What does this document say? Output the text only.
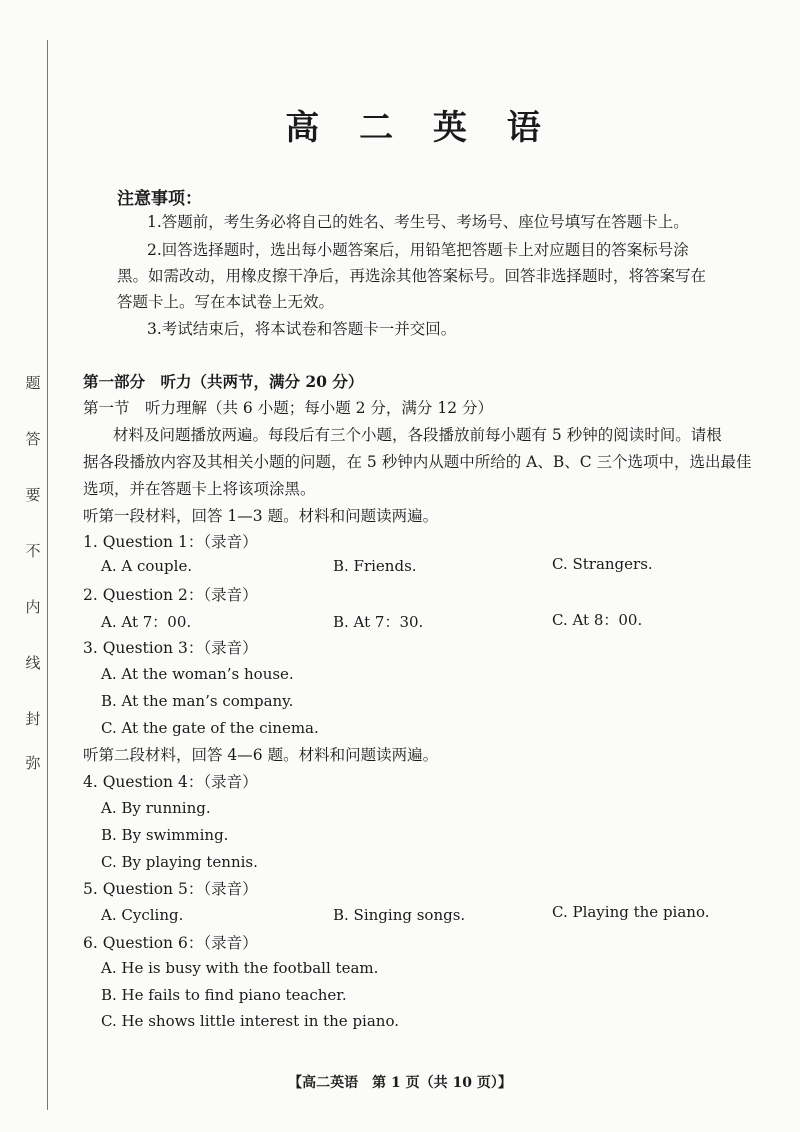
题
答
要
不
内
线
封
弥
高 二 英 语
注意事项：
1.答题前，考生务必将自己的姓名、考生号、考场号、座位号填写在答题卡上。
2.回答选择题时，选出每小题答案后，用铅笔把答题卡上对应题目的答案标号涂
黑。如需改动，用橡皮擦干净后，再选涂其他答案标号。回答非选择题时，将答案写在
答题卡上。写在本试卷上无效。
3.考试结束后，将本试卷和答题卡一并交回。
第一部分　听力（共两节，满分 20 分）
第一节　听力理解（共 6 小题；每小题 2 分，满分 12 分）
材料及问题播放两遍。每段后有三个小题，各段播放前每小题有 5 秒钟的阅读时间。请根
据各段播放内容及其相关小题的问题，在 5 秒钟内从题中所给的 A、B、C 三个选项中，选出最佳
选项，并在答题卡上将该项涂黑。
听第一段材料，回答 1—3 题。材料和问题读两遍。
1. Question 1：（录音）
A. A couple.	B. Friends.	C. Strangers.
2. Question 2：（录音）
A. At 7：00.	B. At 7：30.	C. At 8：00.
3. Question 3：（录音）
A. At the woman’s house.
B. At the man’s company.
C. At the gate of the cinema.
听第二段材料，回答 4—6 题。材料和问题读两遍。
4. Question 4：（录音）
A. By running.
B. By swimming.
C. By playing tennis.
5. Question 5：（录音）
A. Cycling.	B. Singing songs.	C. Playing the piano.
6. Question 6：（录音）
A. He is busy with the football team.
B. He fails to find piano teacher.
C. He shows little interest in the piano.
【高二英语　第 1 页（共 10 页）】
